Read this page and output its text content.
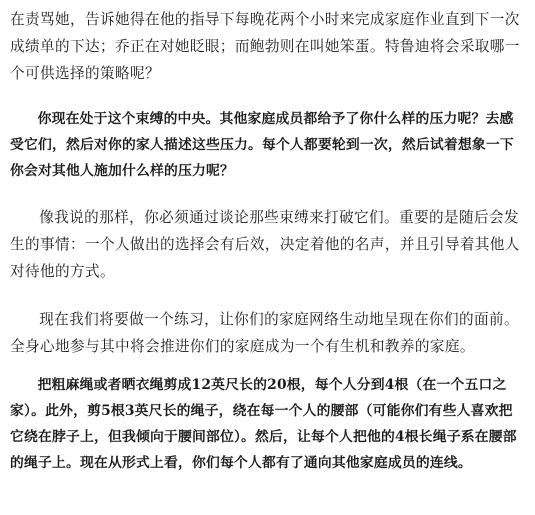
在责骂她，告诉她得在他的指导下每晚花两个小时来完成家庭作业直到下一次成绩单的下达；乔正在对她眨眼；而鲍勃则在叫她笨蛋。特鲁迪将会采取哪一个可供选择的策略呢？

你现在处于这个束缚的中央。其他家庭成员都给予了你什么样的压力呢？去感受它们，然后对你的家人描述这些压力。每个人都要轮到一次，然后试着想象一下你会对其他人施加什么样的压力呢？

像我说的那样，你必须通过谈论那些束缚来打破它们。重要的是随后会发生的事情：一个人做出的选择会有后效，决定着他的名声，并且引导着其他人对待他的方式。

现在我们将要做一个练习，让你们的家庭网络生动地呈现在你们的面前。全身心地参与其中将会推进你们的家庭成为一个有生机和教养的家庭。

把粗麻绳或者晒衣绳剪成12英尺长的20根，每个人分到4根（在一个五口之家）。此外，剪5根3英尺长的绳子，绕在每一个人的腰部（可能你们有些人喜欢把它绕在脖子上，但我倾向于腰间部位）。然后，让每个人把他的4根长绳子系在腰部的绳子上。现在从形式上看，你们每个人都有了通向其他家庭成员的连线。
